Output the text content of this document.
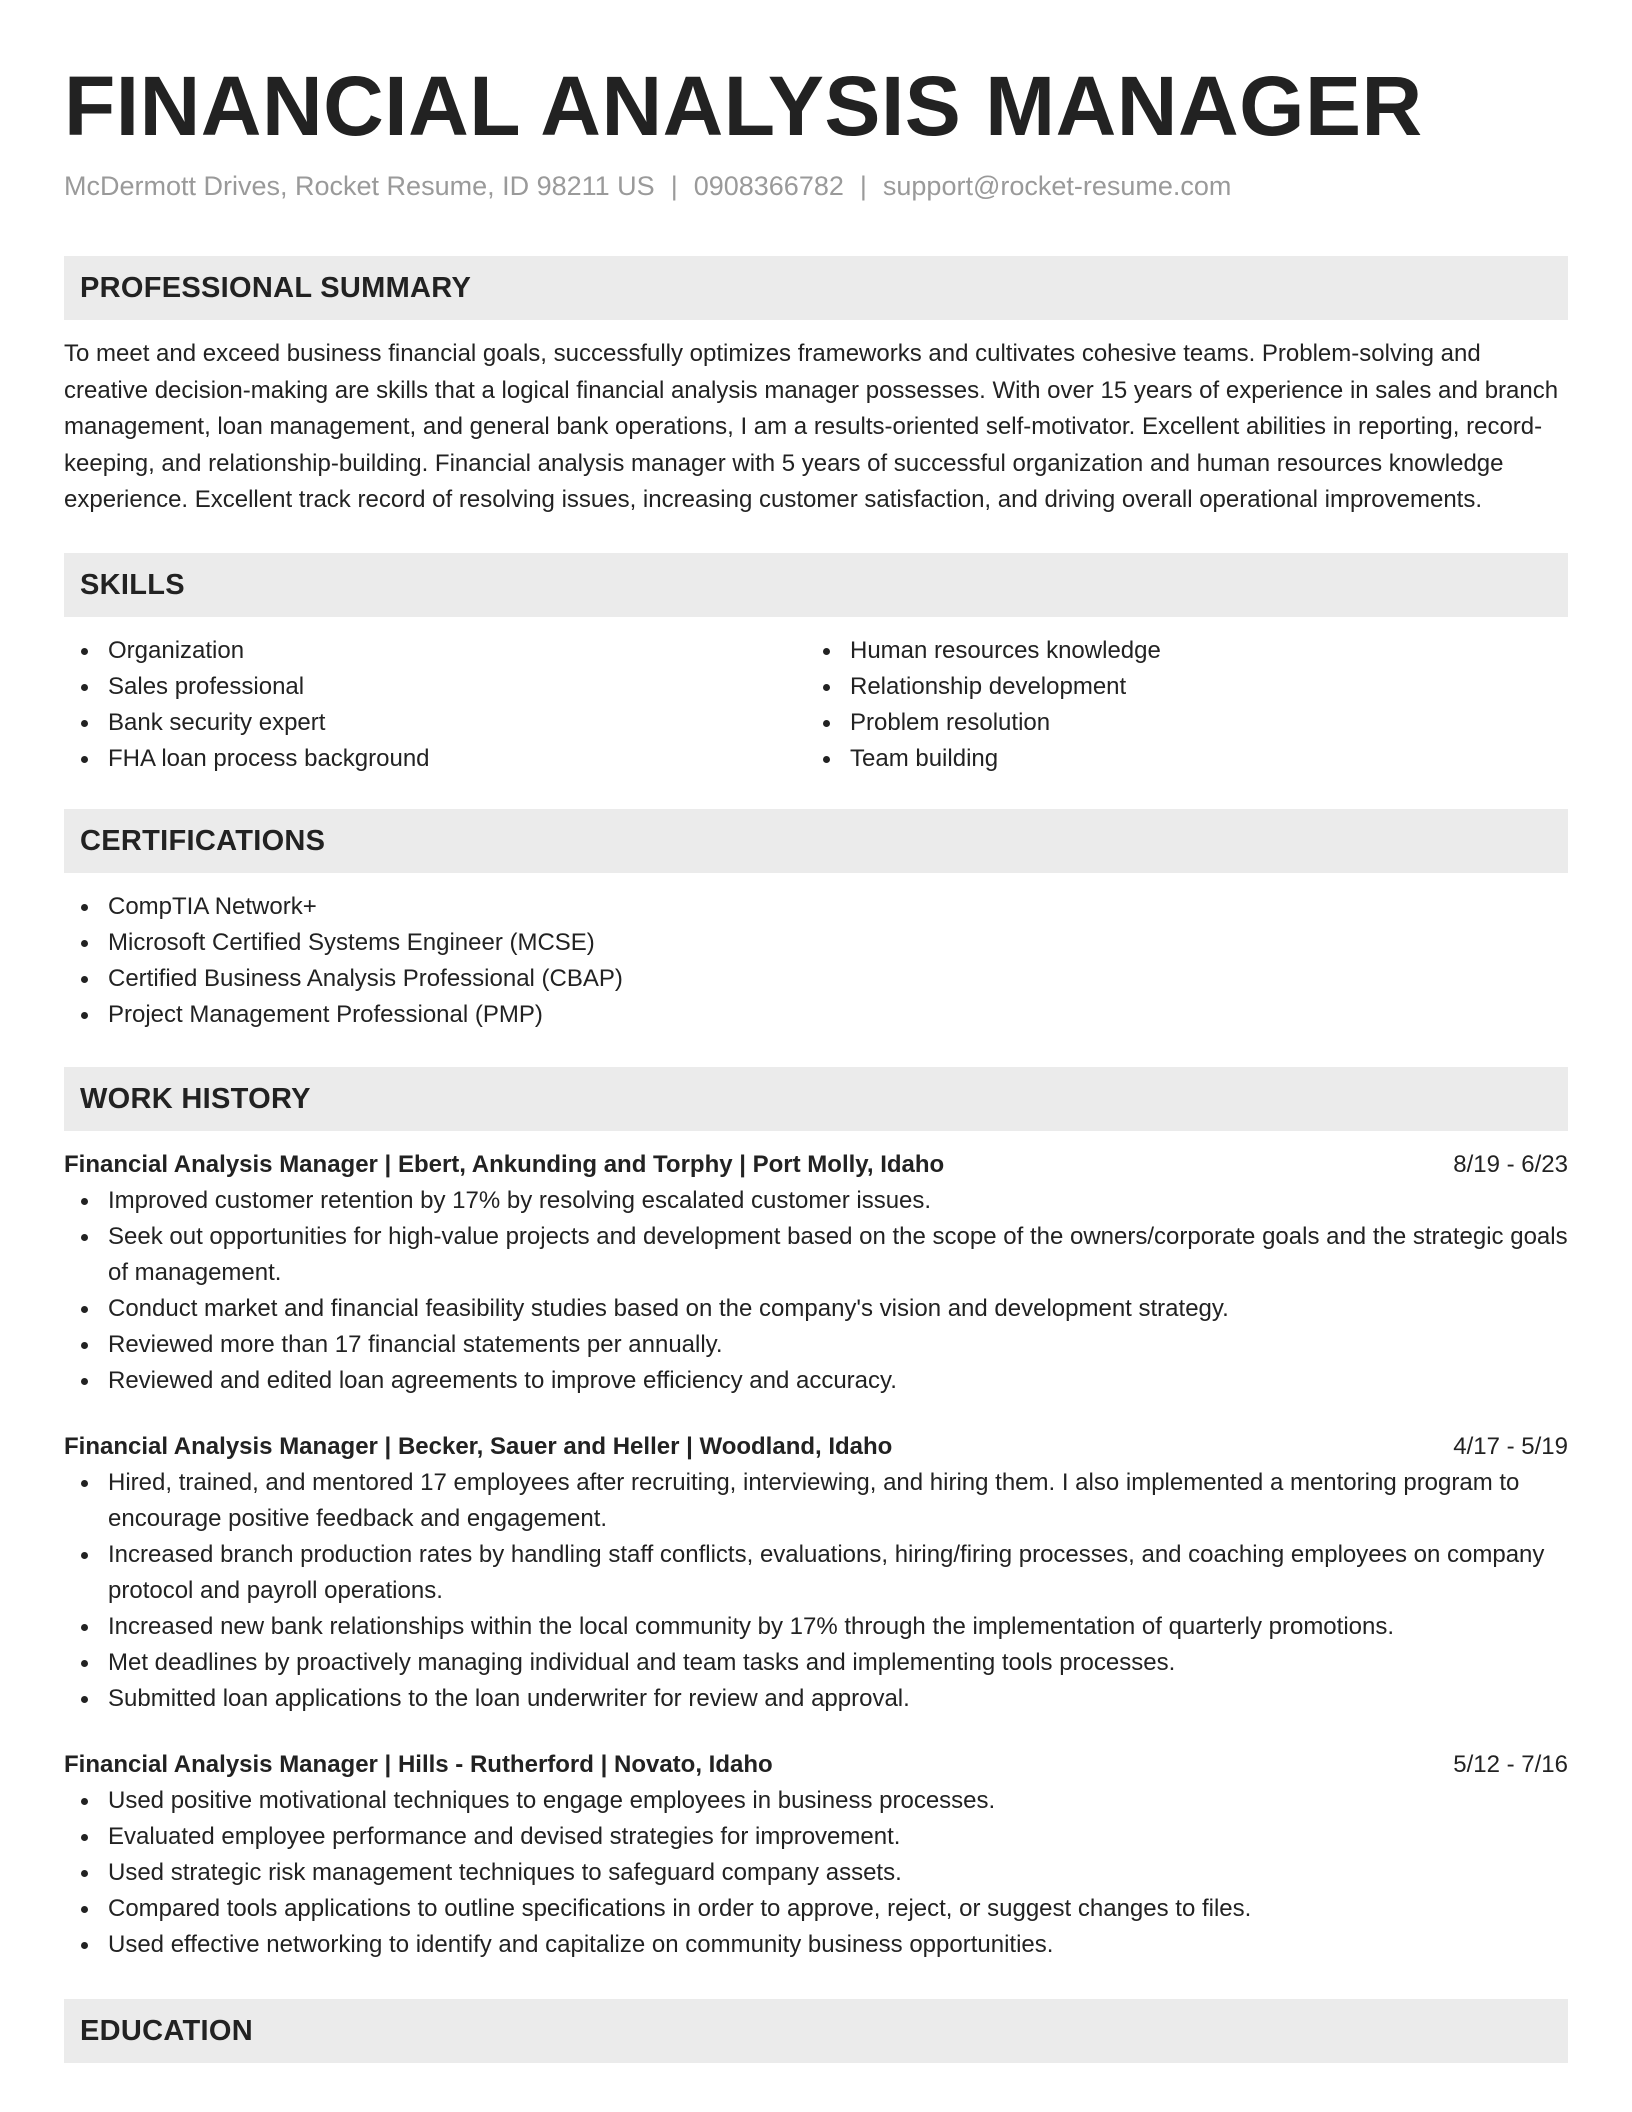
FINANCIAL ANALYSIS MANAGER
McDermott Drives, Rocket Resume, ID 98211 US | 0908366782 | support@rocket-resume.com
PROFESSIONAL SUMMARY

To meet and exceed business financial goals, successfully optimizes frameworks and cultivates cohesive teams. Problem-solving and creative decision-making are skills that a logical financial analysis manager possesses. With over 15 years of experience in sales and branch management, loan management, and general bank operations, I am a results-oriented self-motivator. Excellent abilities in reporting, record-keeping, and relationship-building. Financial analysis manager with 5 years of successful organization and human resources knowledge experience. Excellent track record of resolving issues, increasing customer satisfaction, and driving overall operational improvements.

SKILLS
Organization
Sales professional
Bank security expert
FHA loan process background
Human resources knowledge
Relationship development
Problem resolution
Team building
CERTIFICATIONS
CompTIA Network+
Microsoft Certified Systems Engineer (MCSE)
Certified Business Analysis Professional (CBAP)
Project Management Professional (PMP)
WORK HISTORY
Financial Analysis Manager | Ebert, Ankunding and Torphy | Port Molly, Idaho	8/19 - 6/23
Improved customer retention by 17% by resolving escalated customer issues.
Seek out opportunities for high-value projects and development based on the scope of the owners/corporate goals and the strategic goals of management.
Conduct market and financial feasibility studies based on the company's vision and development strategy.
Reviewed more than 17 financial statements per annually.
Reviewed and edited loan agreements to improve efficiency and accuracy.
Financial Analysis Manager | Becker, Sauer and Heller | Woodland, Idaho	4/17 - 5/19
Hired, trained, and mentored 17 employees after recruiting, interviewing, and hiring them. I also implemented a mentoring program to encourage positive feedback and engagement.
Increased branch production rates by handling staff conflicts, evaluations, hiring/firing processes, and coaching employees on company protocol and payroll operations.
Increased new bank relationships within the local community by 17% through the implementation of quarterly promotions.
Met deadlines by proactively managing individual and team tasks and implementing tools processes.
Submitted loan applications to the loan underwriter for review and approval.
Financial Analysis Manager | Hills - Rutherford | Novato, Idaho	5/12 - 7/16
Used positive motivational techniques to engage employees in business processes.
Evaluated employee performance and devised strategies for improvement.
Used strategic risk management techniques to safeguard company assets.
Compared tools applications to outline specifications in order to approve, reject, or suggest changes to files.
Used effective networking to identify and capitalize on community business opportunities.
EDUCATION
